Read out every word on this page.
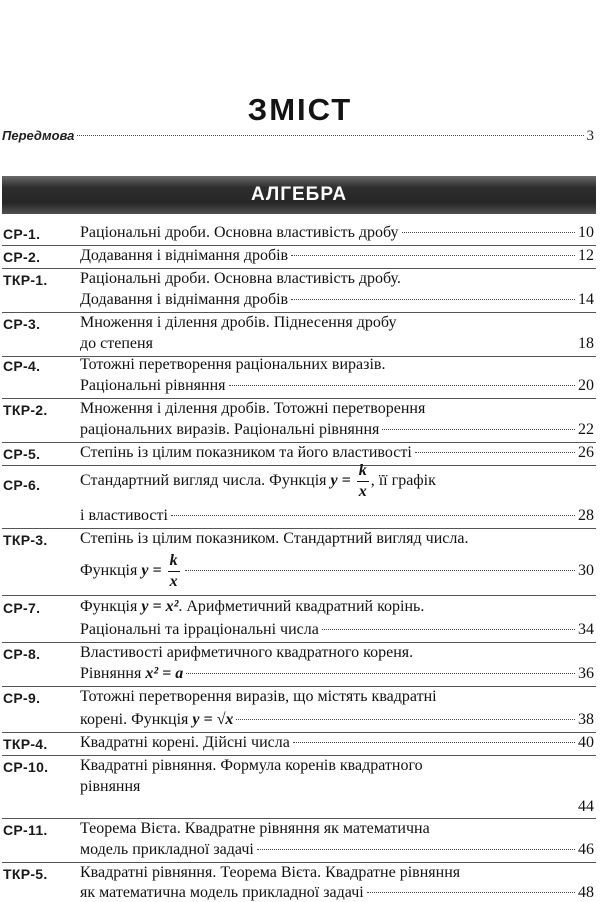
ЗМІСТ
Передмова	3
АЛГЕБРА
СР-1. Раціональні дроби. Основна властивість дробу	10
СР-2. Додавання і віднімання дробів	12
ТКР-1. Раціональні дроби. Основна властивість дробу.
Додавання і віднімання дробів	14
СР-3. Множення і ділення дробів. Піднесення дробу
до степеня	18
СР-4. Тотожні перетворення раціональних виразів.
Раціональні рівняння	20
ТКР-2. Множення і ділення дробів. Тотожні перетворення
раціональних виразів. Раціональні рівняння	22
СР-5. Степінь із цілим показником та його властивості	26
СР-6. Стандартний вигляд числа. Функція $y = \frac{k}{x}$ , її графік
і властивості	28
ТКР-3. Степінь із цілим показником. Стандартний вигляд числа.
Функція $y = \frac{k}{x}$	30
СР-7. Функція y = x². Арифметичний квадратний корінь.
Раціональні та ірраціональні числа	34
СР-8. Властивості арифметичного квадратного кореня.
Рівняння x² = a	36
СР-9. Тотожні перетворення виразів, що містять квадратні
корені. Функція y = √x	38
ТКР-4. Квадратні корені. Дійсні числа	40
СР-10. Квадратні рівняння. Формула коренів квадратного
рівняння
44
СР-11. Теорема Вієта. Квадратне рівняння як математична
модель прикладної задачі	46
ТКР-5. Квадратні рівняння. Теорема Вієта. Квадратне рівняння
як математична модель прикладної задачі	48
